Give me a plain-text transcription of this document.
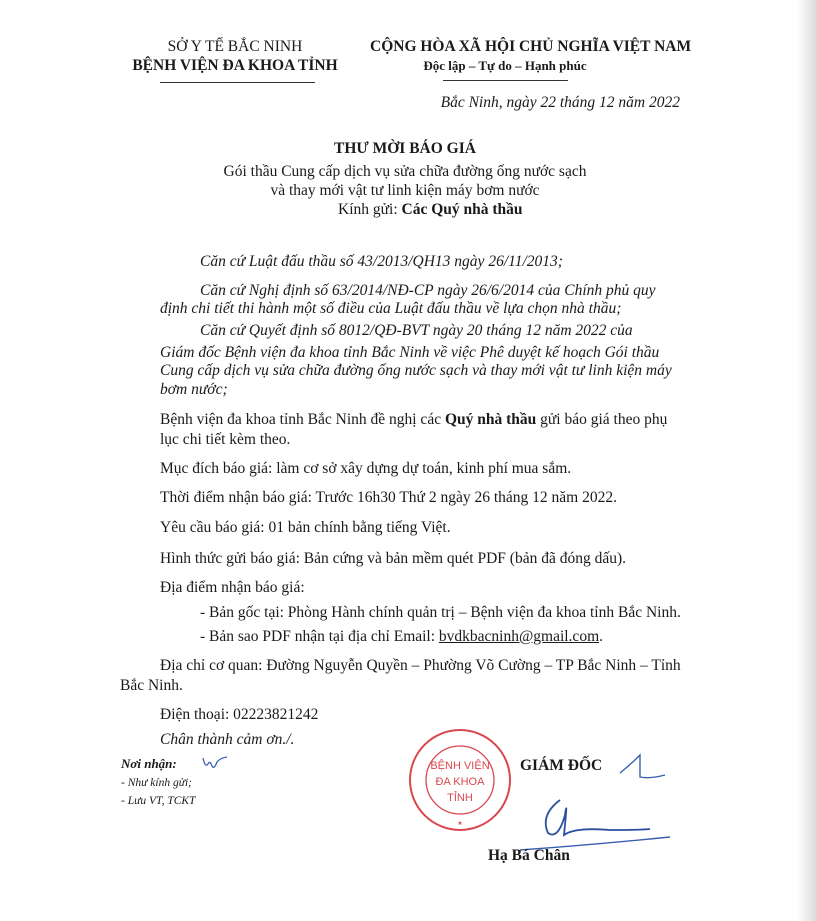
SỞ Y TẾ BẮC NINH
BỆNH VIỆN ĐA KHOA TỈNH
CỘNG HÒA XÃ HỘI CHỦ NGHĨA VIỆT NAM
Độc lập – Tự do – Hạnh phúc
Bắc Ninh, ngày 22 tháng 12 năm 2022
THƯ MỜI BÁO GIÁ
Gói thầu Cung cấp dịch vụ sửa chữa đường ống nước sạch
và thay mới vật tư linh kiện máy bơm nước
Kính gửi: Các Quý nhà thầu
Căn cứ Luật đấu thầu số 43/2013/QH13 ngày 26/11/2013;
Căn cứ Nghị định số 63/2014/NĐ-CP ngày 26/6/2014 của Chính phủ quy
định chi tiết thi hành một số điều của Luật đấu thầu về lựa chọn nhà thầu;
Căn cứ Quyết định số 8012/QĐ-BVT ngày 20 tháng 12 năm 2022 của
Giám đốc Bệnh viện đa khoa tỉnh Bắc Ninh về việc Phê duyệt kế hoạch Gói thầu
Cung cấp dịch vụ sửa chữa đường ống nước sạch và thay mới vật tư linh kiện máy
bơm nước;
Bệnh viện đa khoa tỉnh Bắc Ninh đề nghị các Quý nhà thầu gửi báo giá theo phụ
lục chi tiết kèm theo.
Mục đích báo giá: làm cơ sở xây dựng dự toán, kinh phí mua sắm.
Thời điểm nhận báo giá: Trước 16h30 Thứ 2 ngày 26 tháng 12 năm 2022.
Yêu cầu báo giá: 01 bản chính bằng tiếng Việt.
Hình thức gửi báo giá: Bản cứng và bản mềm quét PDF (bản đã đóng dấu).
Địa điểm nhận báo giá:
- Bản gốc tại: Phòng Hành chính quản trị – Bệnh viện đa khoa tỉnh Bắc Ninh.
- Bản sao PDF nhận tại địa chỉ Email: bvdkbacninh@gmail.com.
Địa chỉ cơ quan: Đường Nguyễn Quyền – Phường Võ Cường – TP Bắc Ninh – Tỉnh
Bắc Ninh.
Điện thoại: 02223821242
Chân thành cảm ơn./.
Nơi nhận:
- Như kính gửi;
- Lưu VT, TCKT
BỆNH VIỆN
ĐA KHOA
TỈNH
★
GIÁM ĐỐC
Hạ Bá Chân
